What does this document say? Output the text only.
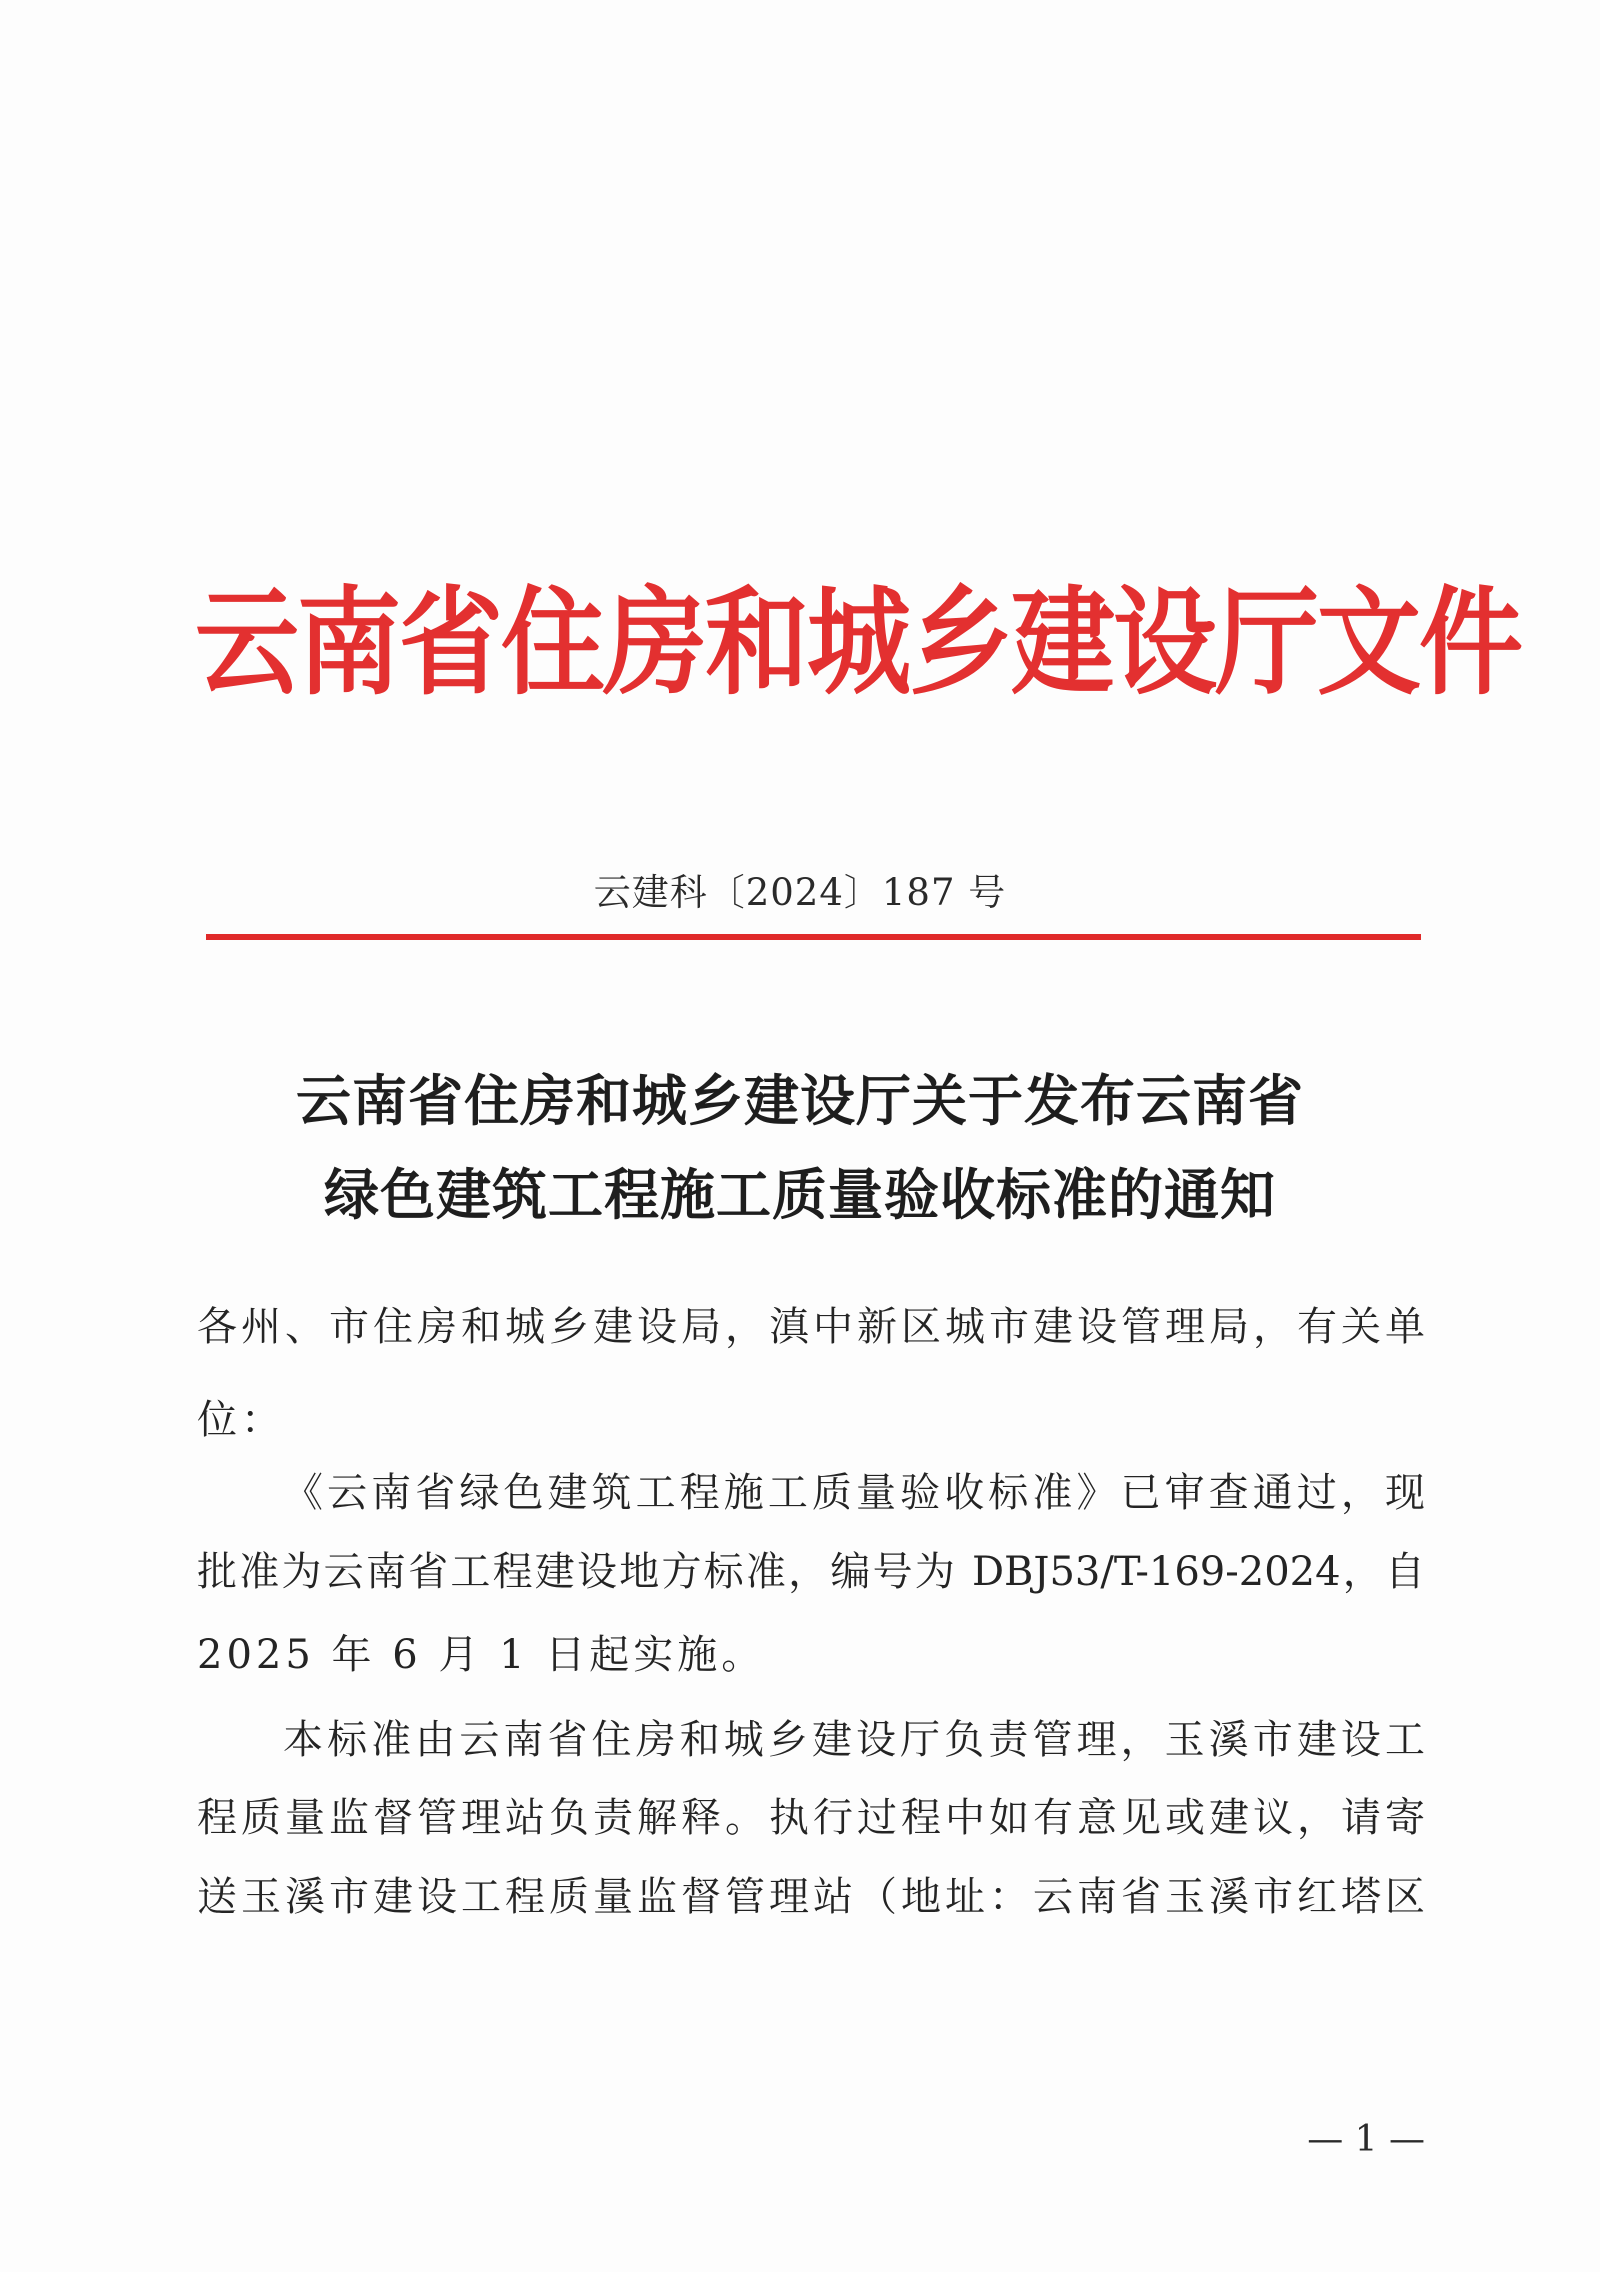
云南省住房和城乡建设厅文件
云建科〔2024〕187 号
云南省住房和城乡建设厅关于发布云南省
绿色建筑工程施工质量验收标准的通知
各州、市住房和城乡建设局，滇中新区城市建设管理局，有关单
位：
《云南省绿色建筑工程施工质量验收标准》已审查通过，现
批准为云南省工程建设地方标准，编号为 DBJ53/T-169-2024，自
2025 年 6 月 1 日起实施。
本标准由云南省住房和城乡建设厅负责管理，玉溪市建设工
程质量监督管理站负责解释。执行过程中如有意见或建议，请寄
送玉溪市建设工程质量监督管理站（地址：云南省玉溪市红塔区
— 1 —
